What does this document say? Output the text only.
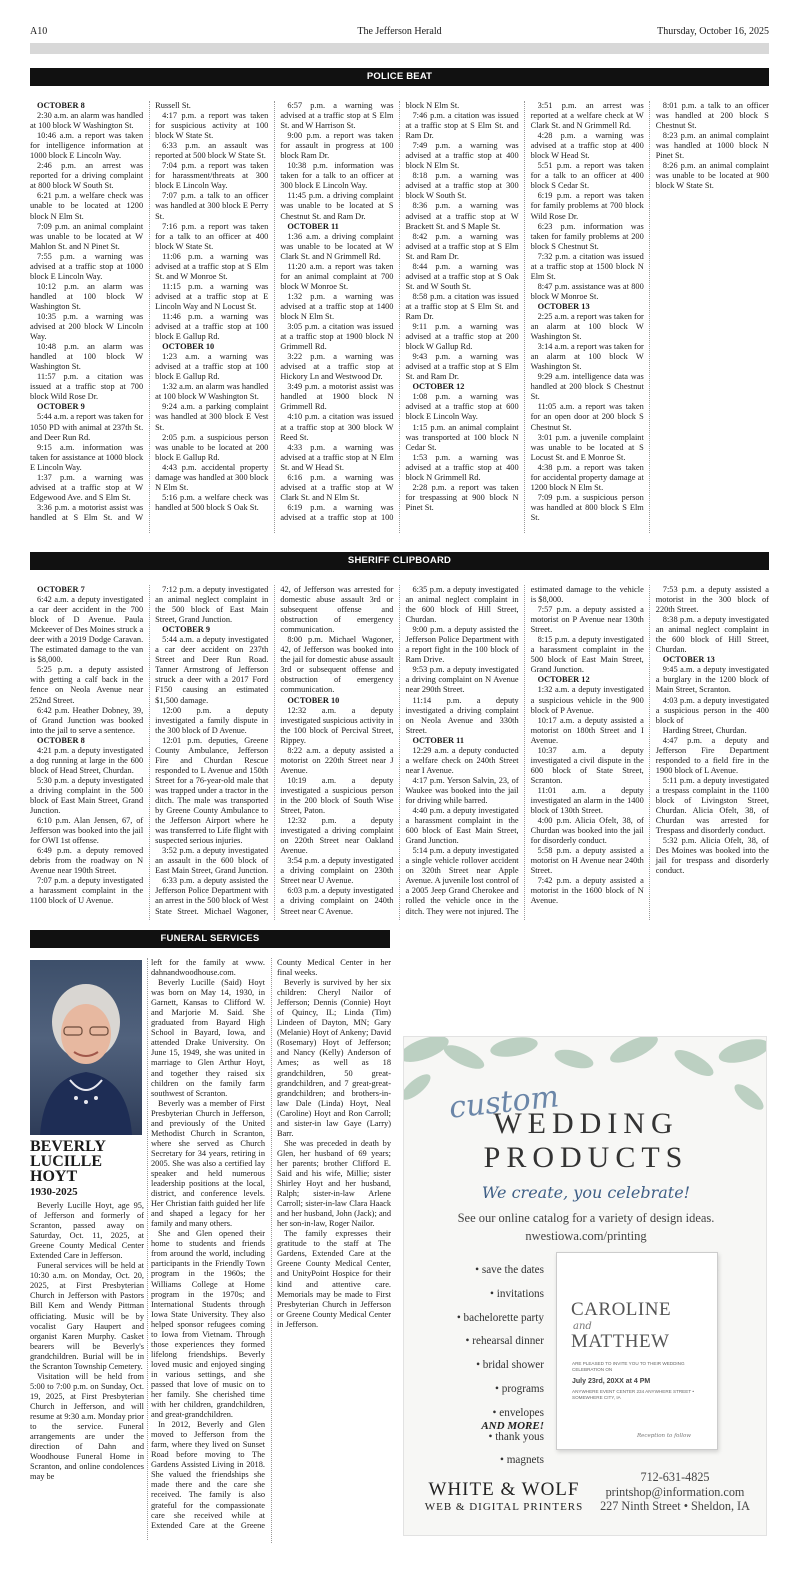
A10	The Jefferson Herald	Thursday, October 16, 2025
POLICE BEAT

OCTOBER 8

2:30 a.m. an alarm was handled at 100 block W Washington St.

10:46 a.m. a report was taken for intelligence information at 1000 block E Lincoln Way.

2:46 p.m. an arrest was reported for a driving complaint at 800 block W South St.

6:21 p.m. a welfare check was unable to be located at 1200 block N Elm St.

7:09 p.m. an animal complaint was unable to be located at W Mahlon St. and N Pinet St.

7:55 p.m. a warning was advised at a traffic stop at 1000 block E Lincoln Way.

10:12 p.m. an alarm was handled at 100 block W Washington St.

10:35 p.m. a warning was advised at 200 block W Lincoln Way.

10:48 p.m. an alarm was handled at 100 block W Washington St.

11:57 p.m. a citation was issued at a traffic stop at 700 block Wild Rose Dr.

OCTOBER 9

5:44 a.m. a report was taken for 1050 PD with animal at 237th St. and Deer Run Rd.

9:15 a.m. information was taken for assistance at 1000 block E Lincoln Way.

1:37 p.m. a warning was advised at a traffic stop at W Edgewood Ave. and S Elm St.

3:36 p.m. a motorist assist was handled at S Elm St. and W Russell St.

4:17 p.m. a report was taken for suspicious activity at 100 block W State St.

6:33 p.m. an assault was reported at 500 block W State St.

7:04 p.m. a report was taken for harassment/threats at 300 block E Lincoln Way.

7:07 p.m. a talk to an officer was handled at 300 block E Perry St.

7:16 p.m. a report was taken for a talk to an officer at 400 block W State St.

11:06 p.m. a warning was advised at a traffic stop at S Elm St. and W Monroe St.

11:15 p.m. a warning was advised at a traffic stop at E Lincoln Way and N Locust St.

11:46 p.m. a warning was advised at a traffic stop at 100 block E Gallup Rd.

OCTOBER 10

1:23 a.m. a warning was advised at a traffic stop at 100 block E Gallup Rd.

1:32 a.m. an alarm was handled at 100 block W Washington St.

9:24 a.m. a parking complaint was handled at 300 block E Vest St.

2:05 p.m. a suspicious person was unable to be located at 200 block E Gallup Rd.

4:43 p.m. accidental property damage was handled at 300 block N Elm St.

5:16 p.m. a welfare check was handled at 500 block S Oak St.

6:57 p.m. a warning was advised at a traffic stop at S Elm St. and W Harrison St.

9:00 p.m. a report was taken for assault in progress at 100 block Ram Dr.

10:38 p.m. information was taken for a talk to an officer at 300 block E Lincoln Way.

11:45 p.m. a driving complaint was unable to be located at S Chestnut St. and Ram Dr.

OCTOBER 11

1:36 a.m. a driving complaint was unable to be located at W Clark St. and N Grimmell Rd.

11:20 a.m. a report was taken for an animal complaint at 700 block W Monroe St.

1:32 p.m. a warning was advised at a traffic stop at 1400 block N Elm St.

3:05 p.m. a citation was issued at a traffic stop at 1900 block N Grimmell Rd.

3:22 p.m. a warning was advised at a traffic stop at Hickory Ln and Westwood Dr.

3:49 p.m. a motorist assist was handled at 1900 block N Grimmell Rd.

4:10 p.m. a citation was issued at a traffic stop at 300 block W Reed St.

4:33 p.m. a warning was advised at a traffic stop at N Elm St. and W Head St.

6:16 p.m. a warning was advised at a traffic stop at W Clark St. and N Elm St.

6:19 p.m. a warning was advised at a traffic stop at 100 block N Elm St.

7:46 p.m. a citation was issued at a traffic stop at S Elm St. and Ram Dr.

7:49 p.m. a warning was advised at a traffic stop at 400 block N Elm St.

8:18 p.m. a warning was advised at a traffic stop at 300 block W South St.

8:36 p.m. a warning was advised at a traffic stop at W Brackett St. and S Maple St.

8:42 p.m. a warning was advised at a traffic stop at S Elm St. and Ram Dr.

8:44 p.m. a warning was advised at a traffic stop at S Oak St. and W South St.

8:58 p.m. a citation was issued at a traffic stop at S Elm St. and Ram Dr.

9:11 p.m. a warning was advised at a traffic stop at 200 block W Gallup Rd.

9:43 p.m. a warning was advised at a traffic stop at S Elm St. and Ram Dr.

OCTOBER 12

1:08 p.m. a warning was advised at a traffic stop at 600 block E Lincoln Way.

1:15 p.m. an animal complaint was transported at 100 block N Cedar St.

1:53 p.m. a warning was advised at a traffic stop at 400 block N Grimmell Rd.

2:28 p.m. a report was taken for trespassing at 900 block N Pinet St.

3:51 p.m. an arrest was reported at a welfare check at W Clark St. and N Grimmell Rd.

4:28 p.m. a warning was advised at a traffic stop at 400 block W Head St.

5:51 p.m. a report was taken for a talk to an officer at 400 block S Cedar St.

6:19 p.m. a report was taken for family problems at 700 block Wild Rose Dr.

6:23 p.m. information was taken for family problems at 200 block S Chestnut St.

7:32 p.m. a citation was issued at a traffic stop at 1500 block N Elm St.

8:47 p.m. assistance was at 800 block W Monroe St.

OCTOBER 13

2:25 a.m. a report was taken for an alarm at 100 block W Washington St.

3:14 a.m. a report was taken for an alarm at 100 block W Washington St.

9:29 a.m. intelligence data was handled at 200 block S Chestnut St.

11:05 a.m. a report was taken for an open door at 200 block S Chestnut St.

3:01 p.m. a juvenile complaint was unable to be located at S Locust St. and E Monroe St.

4:38 p.m. a report was taken for accidental property damage at 1200 block N Elm St.

7:09 p.m. a suspicious person was handled at 800 block S Elm St.

8:01 p.m. a talk to an officer was handled at 200 block S Chestnut St.

8:23 p.m. an animal complaint was handled at 1000 block N Pinet St.

8:26 p.m. an animal complaint was unable to be located at 900 block W State St.

SHERIFF CLIPBOARD

OCTOBER 7

6:42 a.m. a deputy investigated a car deer accident in the 700 block of D Avenue. Paula Mckeever of Des Moines struck a deer with a 2019 Dodge Caravan. The estimated damage to the van is $8,000.

5:25 p.m. a deputy assisted with getting a calf back in the fence on Neola Avenue near 252nd Street.

6:42 p.m. Heather Dobney, 39, of Grand Junction was booked into the jail to serve a sentence.

OCTOBER 8

4:21 p.m. a deputy investigated a dog running at large in the 600 block of Head Street, Churdan.

5:30 p.m. a deputy investigated a driving complaint in the 500 block of East Main Street, Grand Junction.

6:10 p.m. Alan Jensen, 67, of Jefferson was booked into the jail for OWI 1st offense.

6:49 p.m. a deputy removed debris from the roadway on N Avenue near 190th Street.

7:07 p.m. a deputy investigated a harassment complaint in the 1100 block of U Avenue.

7:12 p.m. a deputy investigated an animal neglect complaint in the 500 block of East Main Street, Grand Junction.

OCTOBER 9

5:44 a.m. a deputy investigated a car deer accident on 237th Street and Deer Run Road. Tanner Armstrong of Jefferson struck a deer with a 2017 Ford F150 causing an estimated $1,500 damage.

12:00 p.m. a deputy investigated a family dispute in the 300 block of D Avenue.

12:01 p.m. deputies, Greene County Ambulance, Jefferson Fire and Churdan Rescue responded to L Avenue and 150th Street for a 76-year-old male that was trapped under a tractor in the ditch. The male was transported by Greene County Ambulance to the Jefferson Airport where he was transferred to Life flight with suspected serious injuries.

3:52 p.m. a deputy investigated an assault in the 600 block of East Main Street, Grand Junction.

6:33 p.m. a deputy assisted the Jefferson Police Department with an arrest in the 500 block of West State Street. Michael Wagoner, 42, of Jefferson was arrested for domestic abuse assault 3rd or subsequent offense and obstruction of emergency communication.

8:00 p.m. Michael Wagoner, 42, of Jefferson was booked into the jail for domestic abuse assault 3rd or subsequent offense and obstruction of emergency communication.

OCTOBER 10

12:32 a.m. a deputy investigated suspicious activity in the 100 block of Percival Street, Rippey.

8:22 a.m. a deputy assisted a motorist on 220th Street near J Avenue.

10:19 a.m. a deputy investigated a suspicious person in the 200 block of South Wise Street, Paton.

12:32 p.m. a deputy investigated a driving complaint on 220th Street near Oakland Avenue.

3:54 p.m. a deputy investigated a driving complaint on 230th Street near U Avenue.

6:03 p.m. a deputy investigated a driving complaint on 240th Street near C Avenue.

6:35 p.m. a deputy investigated an animal neglect complaint in the 600 block of Hill Street, Churdan.

9:00 p.m. a deputy assisted the Jefferson Police Department with a report fight in the 100 block of Ram Drive.

9:53 p.m. a deputy investigated a driving complaint on N Avenue near 290th Street.

11:14 p.m. a deputy investigated a driving complaint on Neola Avenue and 330th Street.

OCTOBER 11

12:29 a.m. a deputy conducted a welfare check on 240th Street near I Avenue.

4:17 p.m. Yerson Salvin, 23, of Waukee was booked into the jail for driving while barred.

4:40 p.m. a deputy investigated a harassment complaint in the 600 block of East Main Street, Grand Junction.

5:14 p.m. a deputy investigated a single vehicle rollover accident on 320th Street near Apple Avenue. A juvenile lost control of a 2005 Jeep Grand Cherokee and rolled the vehicle once in the ditch. They were not injured. The estimated damage to the vehicle is $8,000.

7:57 p.m. a deputy assisted a motorist on P Avenue near 130th Street.

8:15 p.m. a deputy investigated a harassment complaint in the 500 block of East Main Street, Grand Junction.

OCTOBER 12

1:32 a.m. a deputy investigated a suspicious vehicle in the 900 block of P Avenue.

10:17 a.m. a deputy assisted a motorist on 180th Street and I Avenue.

10:37 a.m. a deputy investigated a civil dispute in the 600 block of State Street, Scranton.

11:01 a.m. a deputy investigated an alarm in the 1400 block of 130th Street.

4:00 p.m. Alicia Ofelt, 38, of Churdan was booked into the jail for disorderly conduct.

5:58 p.m. a deputy assisted a motorist on H Avenue near 240th Street.

7:42 p.m. a deputy assisted a motorist in the 1600 block of N Avenue.

7:53 p.m. a deputy assisted a motorist in the 300 block of 220th Street.

8:38 p.m. a deputy investigated an animal neglect complaint in the 600 block of Hill Street, Churdan.

OCTOBER 13

9:45 a.m. a deputy investigated a burglary in the 1200 block of Main Street, Scranton.

4:03 p.m. a deputy investigated a suspicious person in the 400 block of

Harding Street, Churdan.

4:47 p.m. a deputy and Jefferson Fire Department responded to a field fire in the 1900 block of L Avenue.

5:11 p.m. a deputy investigated a trespass complaint in the 1100 block of Livingston Street, Churdan. Alicia Ofelt, 38, of Churdan was arrested for Trespass and disorderly conduct.

5:32 p.m. Alicia Ofelt, 38, of Des Moines was booked into the jail for trespass and disorderly conduct.

FUNERAL SERVICES
BEVERLY
LUCILLE
HOYT
1930-2025

Beverly Lucille Hoyt, age 95, of Jefferson and formerly of Scranton, passed away on Saturday, Oct. 11, 2025, at Greene County Medical Center Extended Care in Jefferson.

Funeral services will be held at 10:30 a.m. on Monday, Oct. 20, 2025, at First Presbyterian Church in Jefferson with Pastors Bill Kem and Wendy Pittman officiating. Music will be by vocalist Gary Haupert and organist Karen Murphy. Casket bearers will be Beverly's grandchildren. Burial will be in the Scranton Township Cemetery.

Visitation will be held from 5:00 to 7:00 p.m. on Sunday, Oct. 19, 2025, at First Presbyterian Church in Jefferson, and will resume at 9:30 a.m. Monday prior to the service. Funeral arrangements are under the direction of Dahn and Woodhouse Funeral Home in Scranton, and online condolences may be

left for the family at www. dahnandwoodhouse.com.

Beverly Lucille (Said) Hoyt was born on May 14, 1930, in Garnett, Kansas to Clifford W. and Marjorie M. Said. She graduated from Bayard High School in Bayard, Iowa, and attended Drake University. On June 15, 1949, she was united in marriage to Glen Arthur Hoyt, and together they raised six children on the family farm southwest of Scranton.

Beverly was a member of First Presbyterian Church in Jefferson, and previously of the United Methodist Church in Scranton, where she served as Church Secretary for 34 years, retiring in 2005. She was also a certified lay speaker and held numerous leadership positions at the local, district, and conference levels. Her Christian faith guided her life and shaped a legacy for her family and many others.

She and Glen opened their home to students and friends from around the world, including participants in the Friendly Town program in the 1960s; the Williams College at Home program in the 1970s; and International Students through Iowa State University. They also helped sponsor refugees coming to Iowa from Vietnam. Through those experiences they formed lifelong friendships. Beverly loved music and enjoyed singing in various settings, and she passed that love of music on to her family. She cherished time with her children, grandchildren, and great-grandchildren.

In 2012, Beverly and Glen moved to Jefferson from the farm, where they lived on Sunset Road before moving to The Gardens Assisted Living in 2018. She valued the friendships she made there and the care she received. The family is also grateful for the compassionate care she received while at Extended Care at the Greene County Medical Center in her final weeks.

Beverly is survived by her six children: Cheryl Nailor of Jefferson; Dennis (Connie) Hoyt of Quincy, IL; Linda (Tim) Lindeen of Dayton, MN; Gary (Melanie) Hoyt of Ankeny; David (Rosemary) Hoyt of Jefferson; and Nancy (Kelly) Anderson of Ames; as well as 18 grandchildren, 50 great-grandchildren, and 7 great-great-grandchildren; and brothers-in-law Dale (Linda) Hoyt, Neal (Caroline) Hoyt and Ron Carroll; and sister-in law Gaye (Larry) Barr.

She was preceded in death by Glen, her husband of 69 years; her parents; brother Clifford E. Said and his wife, Millie; sister Shirley Hoyt and her husband, Ralph; sister-in-law Arlene Carroll; sister-in-law Clara Haack and her husband, John (Jack); and her son-in-law, Roger Nailor.

The family expresses their gratitude to the staff at The Gardens, Extended Care at the Greene County Medical Center, and UnityPoint Hospice for their kind and attentive care. Memorials may be made to First Presbyterian Church in Jefferson or Greene County Medical Center in Jefferson.

custom
WEDDING
PRODUCTS
We create, you celebrate!
See our online catalog for a variety of design ideas.
nwestiowa.com/printing
• save the dates
• invitations
• bachelorette party
• rehearsal dinner
• bridal shower
• programs
• envelopes
• thank yous
• magnets
AND MORE!
CAROLINE
and
MATTHEW
ARE PLEASED TO INVITE YOU TO THEIR WEDDING CELEBRATION ON
July 23rd, 20XX at 4 PM
ANYWHERE EVENT CENTER 234 ANYWHERE STREET • SOMEWHERE CITY, IA
Reception to follow
WHITE & WOLF
WEB & DIGITAL PRINTERS
712-631-4825
printshop@information.com
227 Ninth Street • Sheldon, IA
